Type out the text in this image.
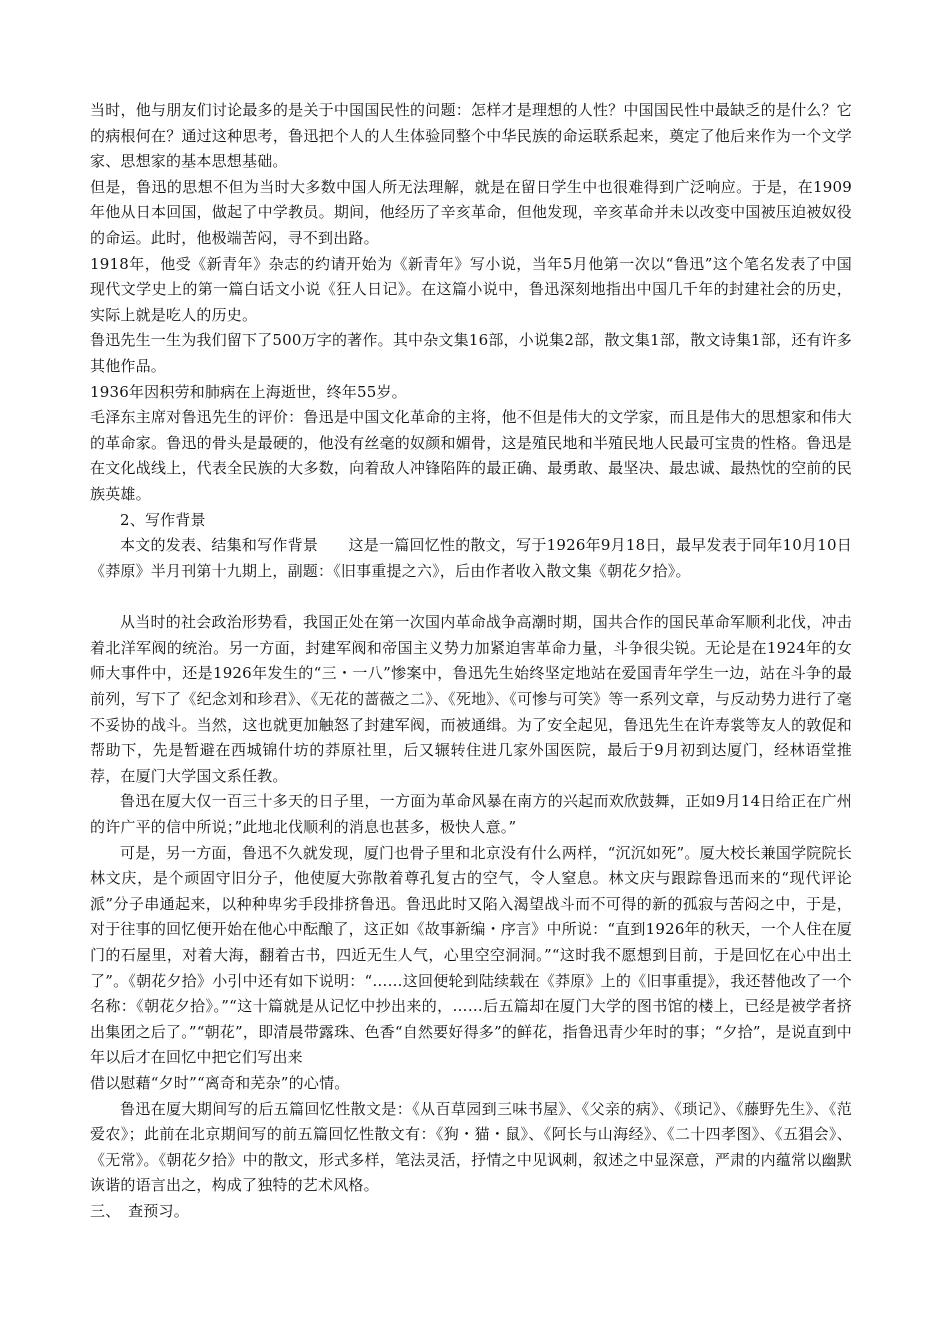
当时，他与朋友们讨论最多的是关于中国国民性的问题：怎样才是理想的人性？中国国民性中最缺乏的是什么？它的病根何在？通过这种思考，鲁迅把个人的人生体验同整个中华民族的命运联系起来，奠定了他后来作为一个文学家、思想家的基本思想基础。

但是，鲁迅的思想不但为当时大多数中国人所无法理解，就是在留日学生中也很难得到广泛响应。于是，在1909年他从日本回国，做起了中学教员。期间，他经历了辛亥革命，但他发现，辛亥革命并未以改变中国被压迫被奴役的命运。此时，他极端苦闷，寻不到出路。

1918年，他受《新青年》杂志的约请开始为《新青年》写小说，当年5月他第一次以“鲁迅”这个笔名发表了中国现代文学史上的第一篇白话文小说《狂人日记》。在这篇小说中，鲁迅深刻地指出中国几千年的封建社会的历史，实际上就是吃人的历史。

鲁迅先生一生为我们留下了500万字的著作。其中杂文集16部，小说集2部，散文集1部，散文诗集1部，还有许多其他作品。

1936年因积劳和肺病在上海逝世，终年55岁。

毛泽东主席对鲁迅先生的评价：鲁迅是中国文化革命的主将，他不但是伟大的文学家，而且是伟大的思想家和伟大的革命家。鲁迅的骨头是最硬的，他没有丝毫的奴颜和媚骨，这是殖民地和半殖民地人民最可宝贵的性格。鲁迅是在文化战线上，代表全民族的大多数，向着敌人冲锋陷阵的最正确、最勇敢、最坚决、最忠诚、最热忱的空前的民族英雄。

2、写作背景

本文的发表、结集和写作背景　　这是一篇回忆性的散文，写于1926年9月18日，最早发表于同年10月10日《莽原》半月刊第十九期上，副题：《旧事重提之六》，后由作者收入散文集《朝花夕拾》。

从当时的社会政治形势看，我国正处在第一次国内革命战争高潮时期，国共合作的国民革命军顺利北伐，冲击着北洋军阀的统治。另一方面，封建军阀和帝国主义势力加紧迫害革命力量，斗争很尖锐。无论是在1924年的女师大事件中，还是1926年发生的“三・一八”惨案中，鲁迅先生始终坚定地站在爱国青年学生一边，站在斗争的最前列，写下了《纪念刘和珍君》、《无花的蔷薇之二》、《死地》、《可惨与可笑》等一系列文章，与反动势力进行了毫不妥协的战斗。当然，这也就更加触怒了封建军阀，而被通缉。为了安全起见，鲁迅先生在许寿裳等友人的敦促和帮助下，先是暂避在西城锦什坊的莽原社里，后又辗转住进几家外国医院，最后于9月初到达厦门，经林语堂推荐，在厦门大学国文系任教。

鲁迅在厦大仅一百三十多天的日子里，一方面为革命风暴在南方的兴起而欢欣鼓舞，正如9月14日给正在广州的许广平的信中所说；”此地北伐顺利的消息也甚多，极快人意。”

可是，另一方面，鲁迅不久就发现，厦门也骨子里和北京没有什么两样，“沉沉如死”。厦大校长兼国学院院长林文庆，是个顽固守旧分子，他使厦大弥散着尊孔复古的空气，令人窒息。林文庆与跟踪鲁迅而来的“现代评论派”分子串通起来，以种种卑劣手段排挤鲁迅。鲁迅此时又陷入渴望战斗而不可得的新的孤寂与苦闷之中，于是，对于往事的回忆便开始在他心中酝酿了，这正如《故事新编・序言》中所说：“直到1926年的秋天，一个人住在厦门的石屋里，对着大海，翻着古书，四近无生人气，心里空空洞洞。”“这时我不愿想到目前，于是回忆在心中出土了”。《朝花夕拾》小引中还有如下说明：“……这回便轮到陆续载在《莽原》上的《旧事重提》，我还替他改了一个名称：《朝花夕拾》。”“这十篇就是从记忆中抄出来的，……后五篇却在厦门大学的图书馆的楼上，已经是被学者挤出集团之后了。”“朝花”，即清晨带露珠、色香“自然要好得多”的鲜花，指鲁迅青少年时的事；“夕拾”，是说直到中年以后才在回忆中把它们写出来

借以慰藉“夕时”“离奇和芜杂”的心情。

鲁迅在厦大期间写的后五篇回忆性散文是：《从百草园到三味书屋》、《父亲的病》、《琐记》、《藤野先生》、《范爱农》；此前在北京期间写的前五篇回忆性散文有：《狗・猫・鼠》、《阿长与山海经》、《二十四孝图》、《五猖会》、《无常》。《朝花夕拾》中的散文，形式多样，笔法灵活，抒情之中见讽刺，叙述之中显深意，严肃的内蕴常以幽默诙谐的语言出之，构成了独特的艺术风格。

三、　查预习。
